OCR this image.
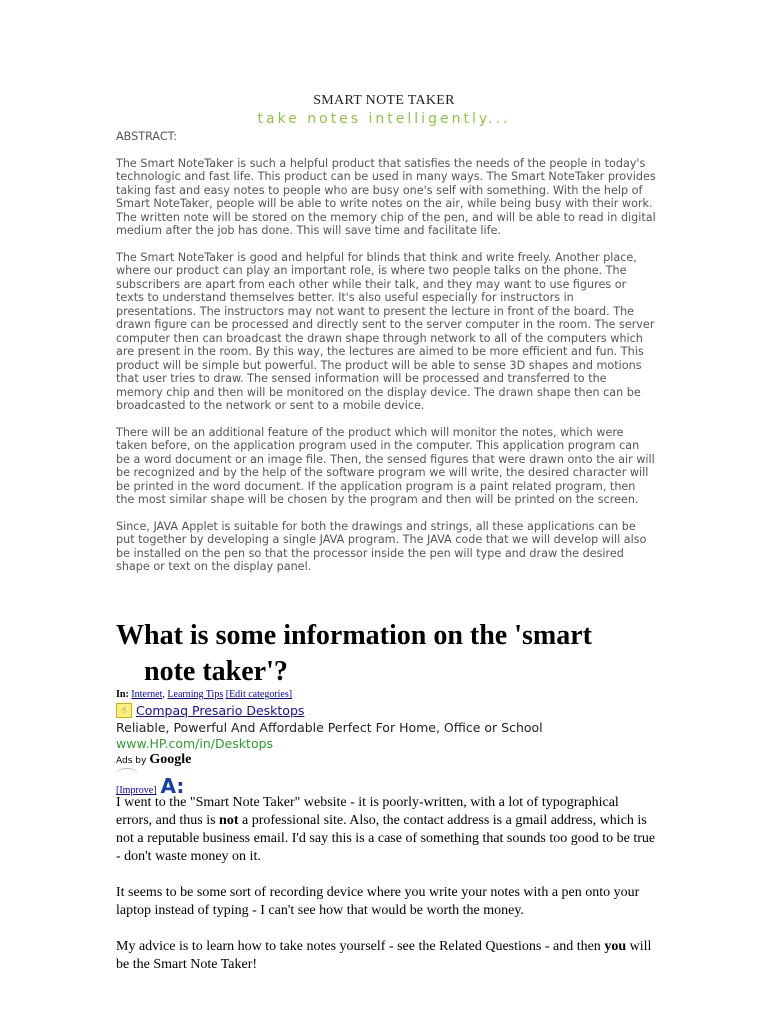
SMART NOTE TAKER
take notes intelligently...

ABSTRACT:

The Smart NoteTaker is such a helpful product that satisfies the needs of the people in today's technologic and fast life. This product can be used in many ways. The Smart NoteTaker provides taking fast and easy notes to people who are busy one's self with something. With the help of Smart NoteTaker, people will be able to write notes on the air, while being busy with their work. The written note will be stored on the memory chip of the pen, and will be able to read in digital medium after the job has done. This will save time and facilitate life.

The Smart NoteTaker is good and helpful for blinds that think and write freely. Another place, where our product can play an important role, is where two people talks on the phone. The subscribers are apart from each other while their talk, and they may want to use figures or texts to understand themselves better. It's also useful especially for instructors in presentations. The instructors may not want to present the lecture in front of the board. The drawn figure can be processed and directly sent to the server computer in the room. The server computer then can broadcast the drawn shape through network to all of the computers which are present in the room. By this way, the lectures are aimed to be more efficient and fun. This product will be simple but powerful. The product will be able to sense 3D shapes and motions that user tries to draw. The sensed information will be processed and transferred to the memory chip and then will be monitored on the display device. The drawn shape then can be broadcasted to the network or sent to a mobile device.

There will be an additional feature of the product which will monitor the notes, which were taken before, on the application program used in the computer. This application program can be a word document or an image file. Then, the sensed figures that were drawn onto the air will be recognized and by the help of the software program we will write, the desired character will be printed in the word document. If the application program is a paint related program, then the most similar shape will be chosen by the program and then will be printed on the screen.

Since, JAVA Applet is suitable for both the drawings and strings, all these applications can be put together by developing a single JAVA program. The JAVA code that we will develop will also be installed on the pen so that the processor inside the pen will type and draw the desired shape or text on the display panel.

What is some information on the 'smart
note taker'?
In: Internet, Learning Tips [Edit categories]
☝ Compaq Presario Desktops
Reliable, Powerful And Affordable Perfect For Home, Office or School
www.HP.com/in/Desktops
Ads by Google
[Improve] A:

I went to the "Smart Note Taker" website - it is poorly-written, with a lot of typographical errors, and thus is not a professional site. Also, the contact address is a gmail address, which is not a reputable business email. I'd say this is a case of something that sounds too good to be true - don't waste money on it.

It seems to be some sort of recording device where you write your notes with a pen onto your laptop instead of typing - I can't see how that would be worth the money.

My advice is to learn how to take notes yourself - see the Related Questions - and then you will be the Smart Note Taker!
